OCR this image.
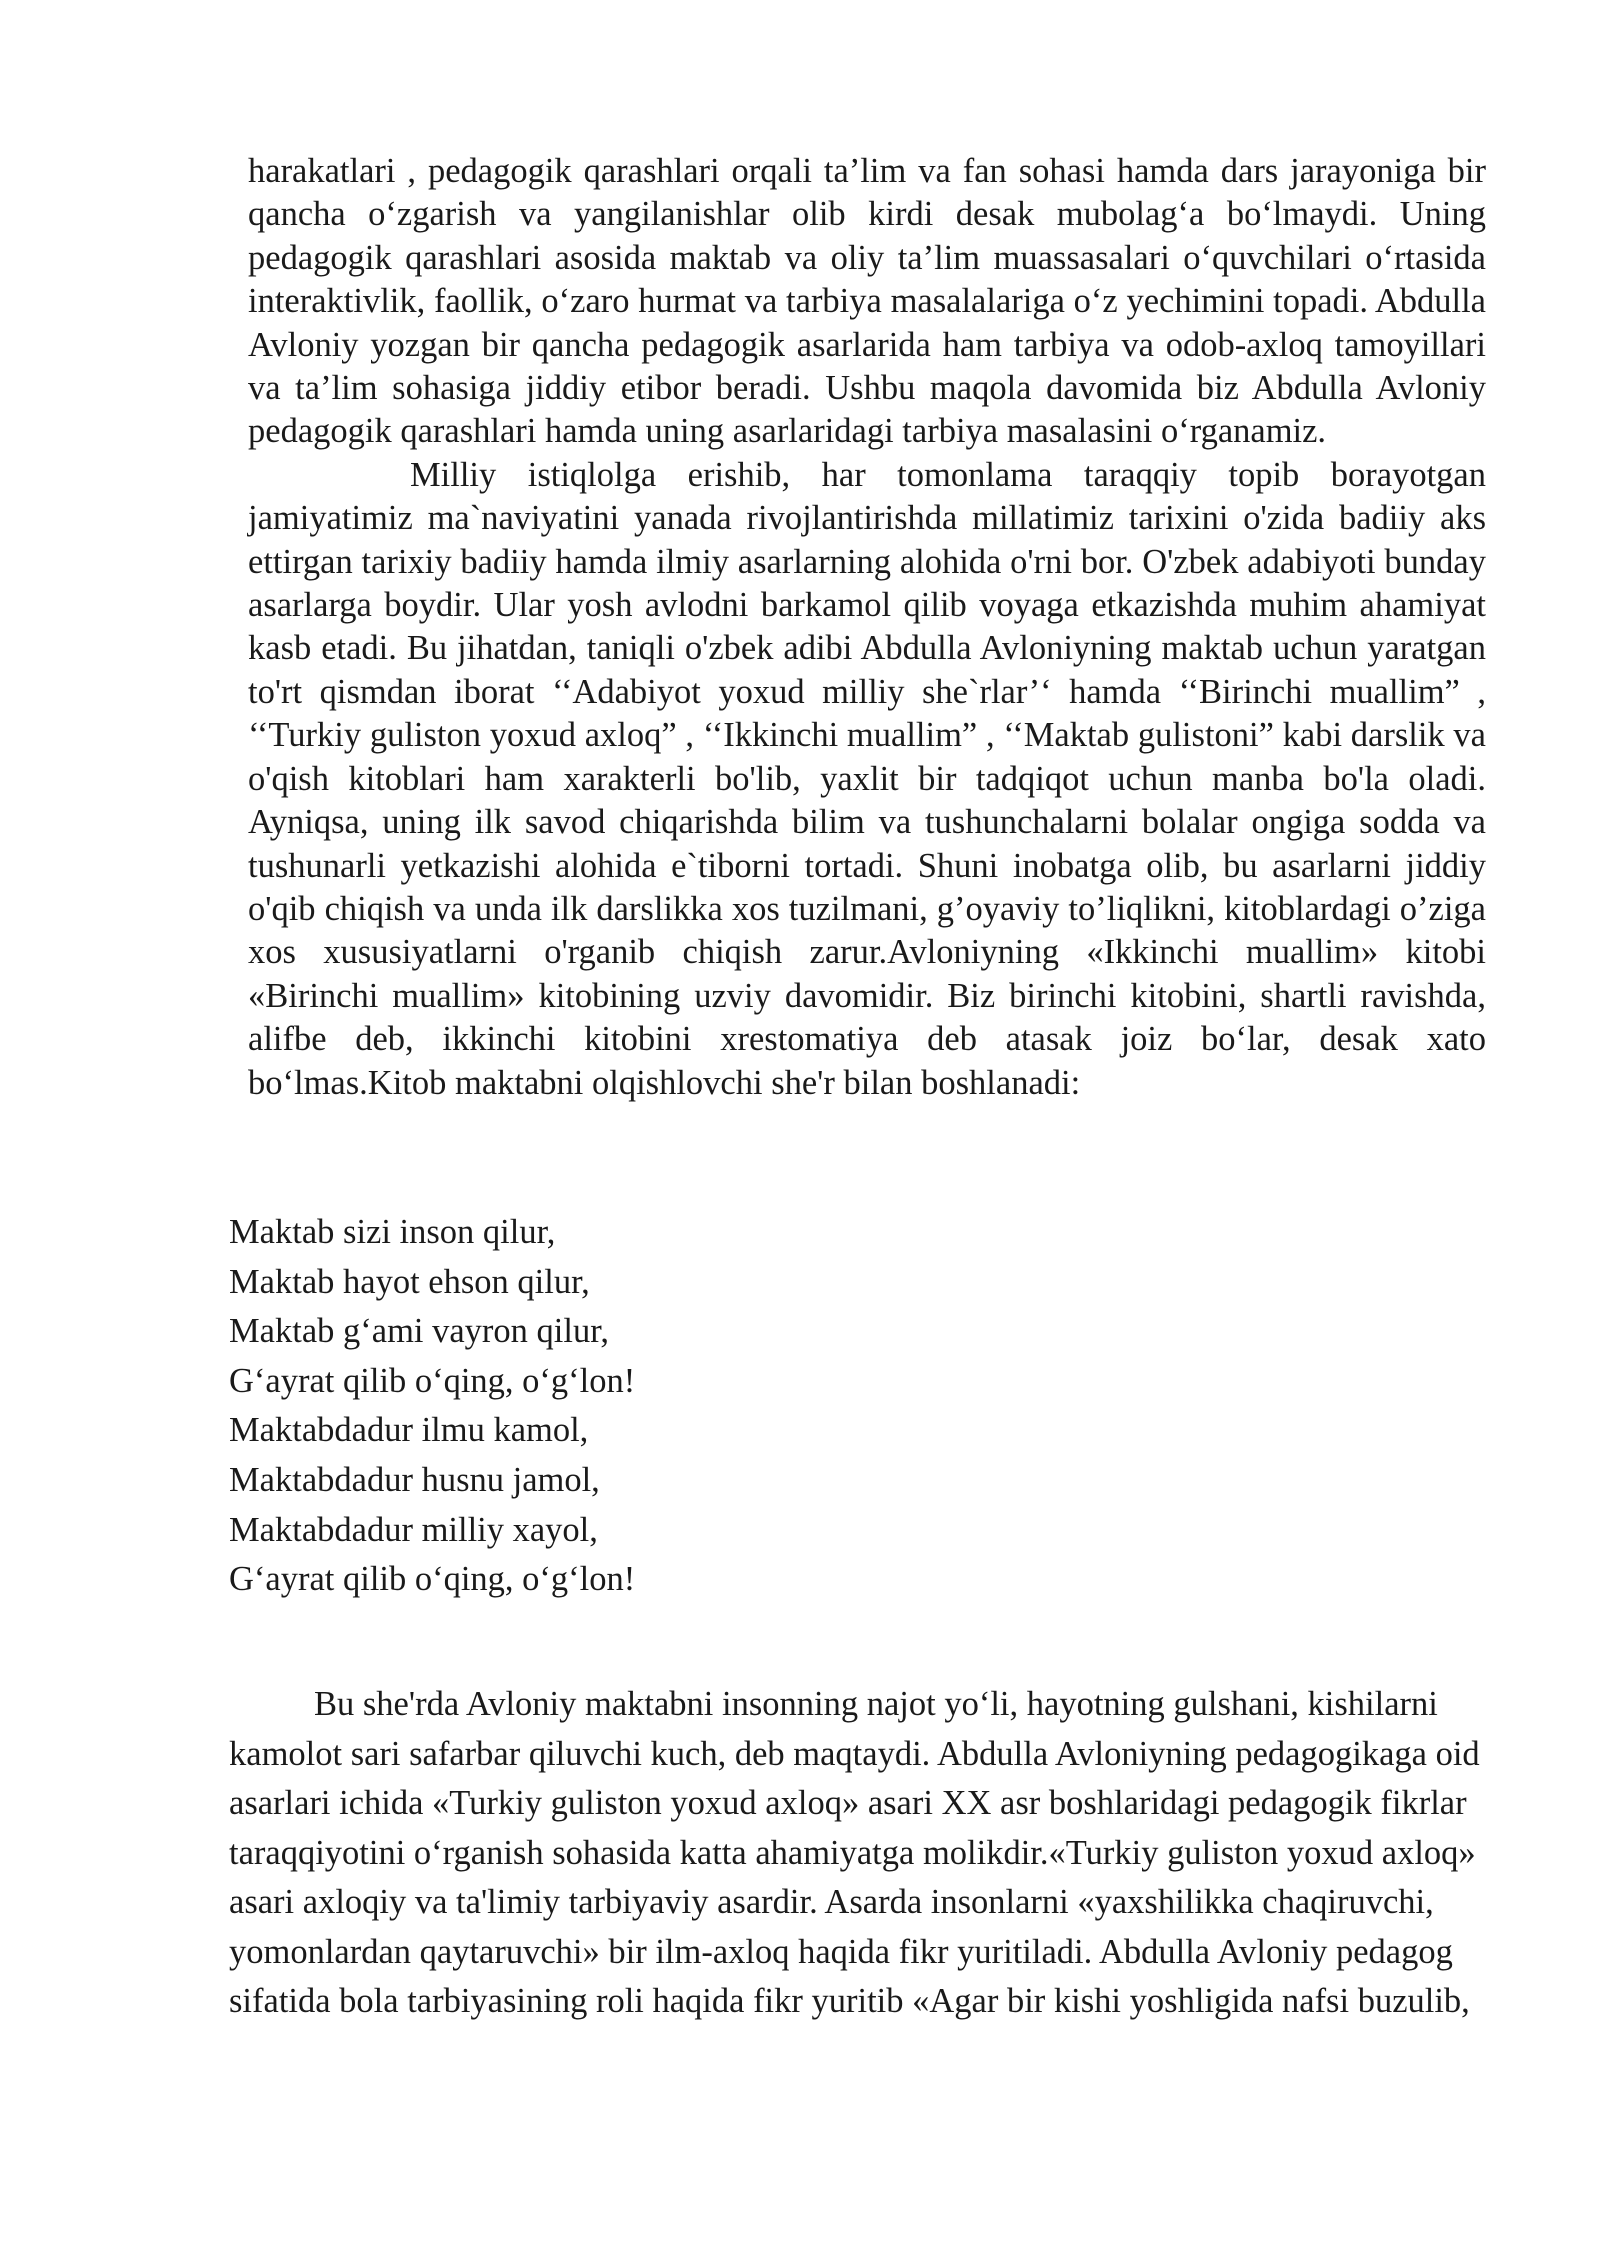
harakatlari , pedagogik qarashlari orqali ta’lim va fan sohasi hamda dars jarayoniga bir qancha o‘zgarish va yangilanishlar olib kirdi desak mubolag‘a bo‘lmaydi. Uning pedagogik qarashlari asosida maktab va oliy ta’lim muassasalari o‘quvchilari o‘rtasida interaktivlik, faollik, o‘zaro hurmat va tarbiya masalalariga o‘z yechimini topadi. Abdulla Avloniy yozgan bir qancha pedagogik asarlarida ham tarbiya va odob-axloq tamoyillari va ta’lim sohasiga jiddiy etibor beradi. Ushbu maqola davomida biz Abdulla Avloniy pedagogik qarashlari hamda uning asarlaridagi tarbiya masalasini o‘rganamiz.

Milliy istiqlolga erishib, har tomonlama taraqqiy topib borayotgan jamiyatimiz ma`naviyatini yanada rivojlantirishda millatimiz tarixini o'zida badiiy aks ettirgan tarixiy badiiy hamda ilmiy asarlarning alohida o'rni bor. O'zbek adabiyoti bunday asarlarga boydir. Ular yosh avlodni barkamol qilib voyaga etkazishda muhim ahamiyat kasb etadi. Bu jihatdan, taniqli o'zbek adibi Abdulla Avloniyning maktab uchun yaratgan to'rt qismdan iborat ‘‘Adabiyot yoxud milliy she`rlar’‘ hamda ‘‘Birinchi muallim” , ‘‘Turkiy guliston yoxud axloq” , ‘‘Ikkinchi muallim” , ‘‘Maktab gulistoni” kabi darslik va o'qish kitoblari ham xarakterli bo'lib, yaxlit bir tadqiqot uchun manba bo'la oladi. Ayniqsa, uning ilk savod chiqarishda bilim va tushunchalarni bolalar ongiga sodda va tushunarli yetkazishi alohida e`tiborni tortadi. Shuni inobatga olib, bu asarlarni jiddiy o'qib chiqish va unda ilk darslikka xos tuzilmani, g’oyaviy to’liqlikni, kitoblardagi o’ziga xos xususiyatlarni o'rganib chiqish zarur.Avloniyning «Ikkinchi muallim» kitobi «Birinchi muallim» kitobining uzviy davomidir. Biz birinchi kitobini, shartli ravishda, alifbe deb, ikkinchi kitobini xrestomatiya deb atasak joiz bo‘lar, desak xato bo‘lmas.Kitob maktabni olqishlovchi she'r bilan boshlanadi:

Maktab sizi inson qilur,
Maktab hayot ehson qilur,
Maktab g‘ami vayron qilur,
G‘ayrat qilib o‘qing, o‘g‘lon!
Maktabdadur ilmu kamol,
Maktabdadur husnu jamol,
Maktabdadur milliy xayol,
G‘ayrat qilib o‘qing, o‘g‘lon!

Bu she'rda Avloniy maktabni insonning najot yo‘li, hayotning gulshani, kishilarni kamolot sari safarbar qiluvchi kuch, deb maqtaydi. Abdulla Avloniyning pedagogikaga oid asarlari ichida «Turkiy guliston yoxud axloq» asari XX asr boshlaridagi pedagogik fikrlar taraqqiyotini o‘rganish sohasida katta ahamiyatga molikdir.«Turkiy guliston yoxud axloq» asari axloqiy va ta'limiy tarbiyaviy asardir. Asarda insonlarni «yaxshilikka chaqiruvchi, yomonlardan qaytaruvchi» bir ilm-axloq haqida fikr yuritiladi. Abdulla Avloniy pedagog sifatida bola tarbiyasining roli haqida fikr yuritib «Agar bir kishi yoshligida nafsi buzulib,
